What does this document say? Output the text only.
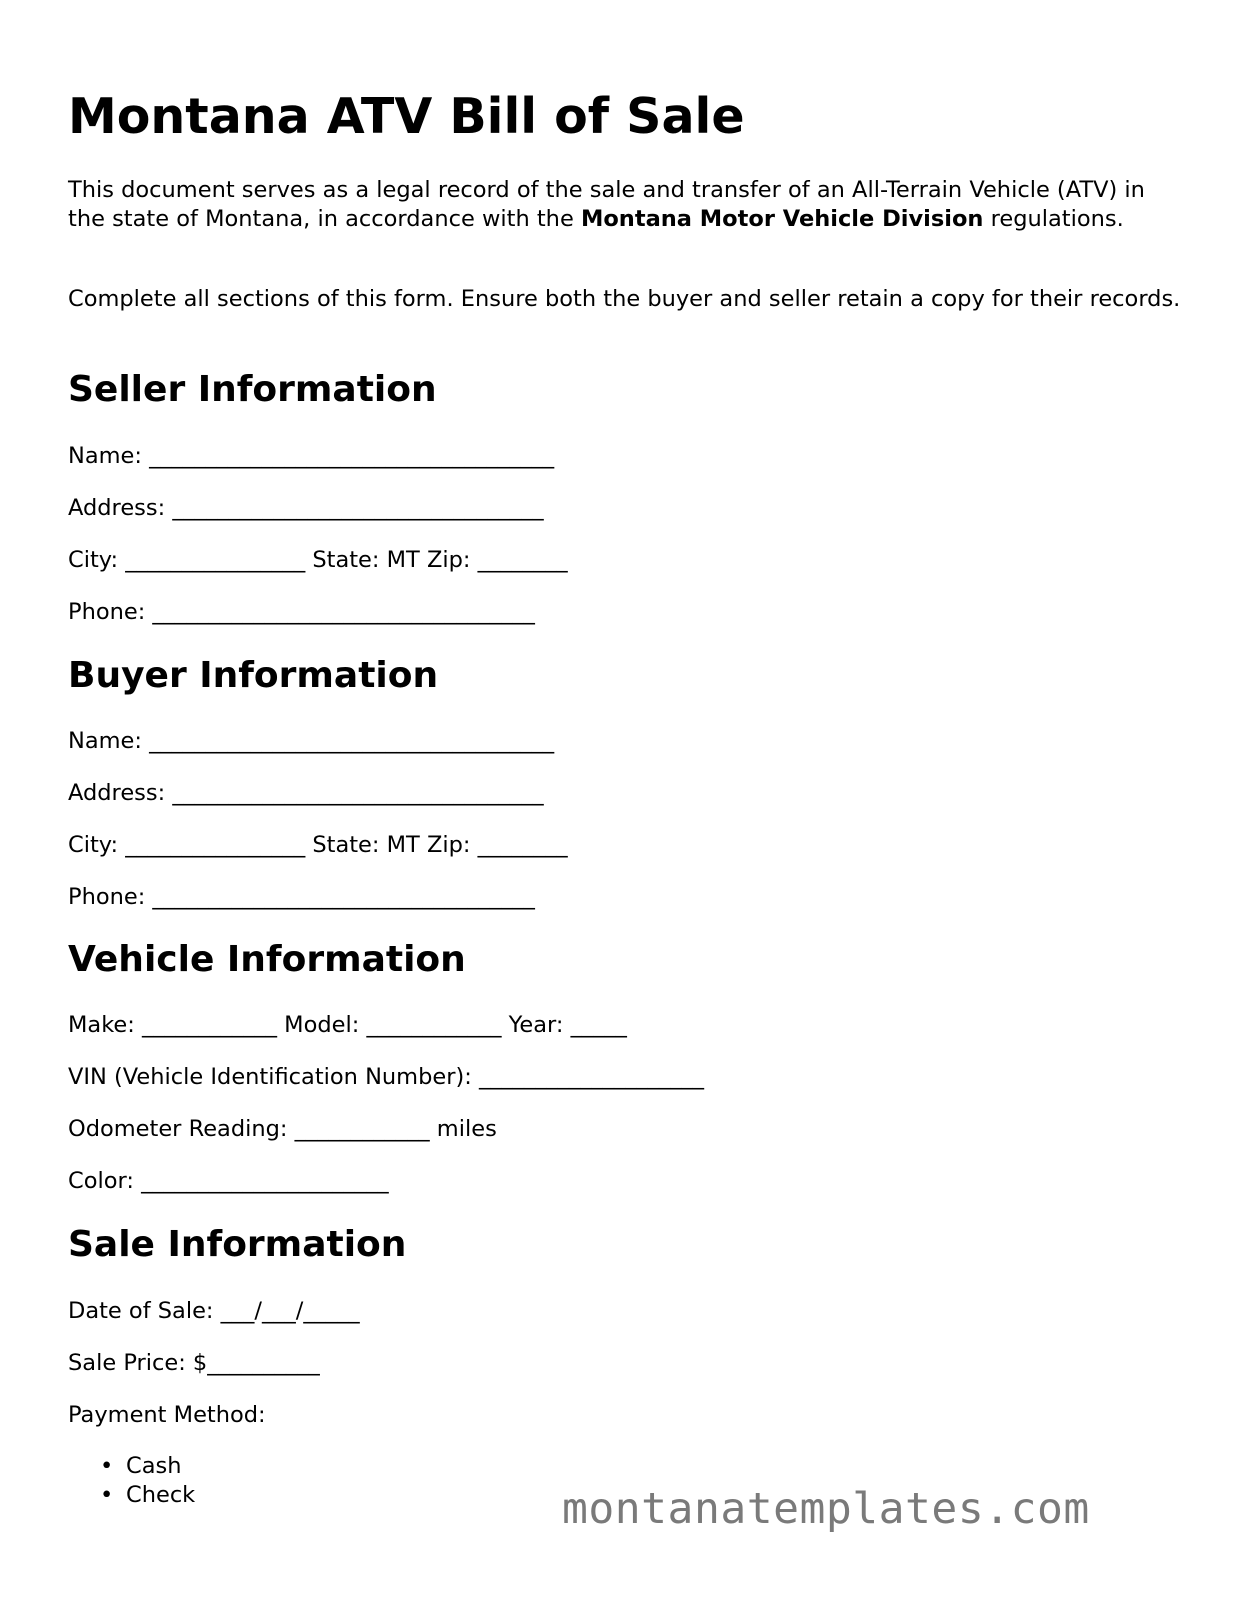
Montana ATV Bill of Sale

This document serves as a legal record of the sale and transfer of an All-Terrain Vehicle (ATV) in the state of Montana, in accordance with the Montana Motor Vehicle Division regulations.

Complete all sections of this form. Ensure both the buyer and seller retain a copy for their records.

Seller Information

Name: ____________________________________

Address: _________________________________

City: ________________ State: MT Zip: ________

Phone: __________________________________

Buyer Information

Name: ____________________________________

Address: _________________________________

City: ________________ State: MT Zip: ________

Phone: __________________________________

Vehicle Information

Make: ____________ Model: ____________ Year: _____

VIN (Vehicle Identification Number): ____________________

Odometer Reading: ____________ miles

Color: ______________________

Sale Information

Date of Sale: ___/___/_____

Sale Price: $__________

Payment Method:

• Cash
• Check	montanatemplates.com
